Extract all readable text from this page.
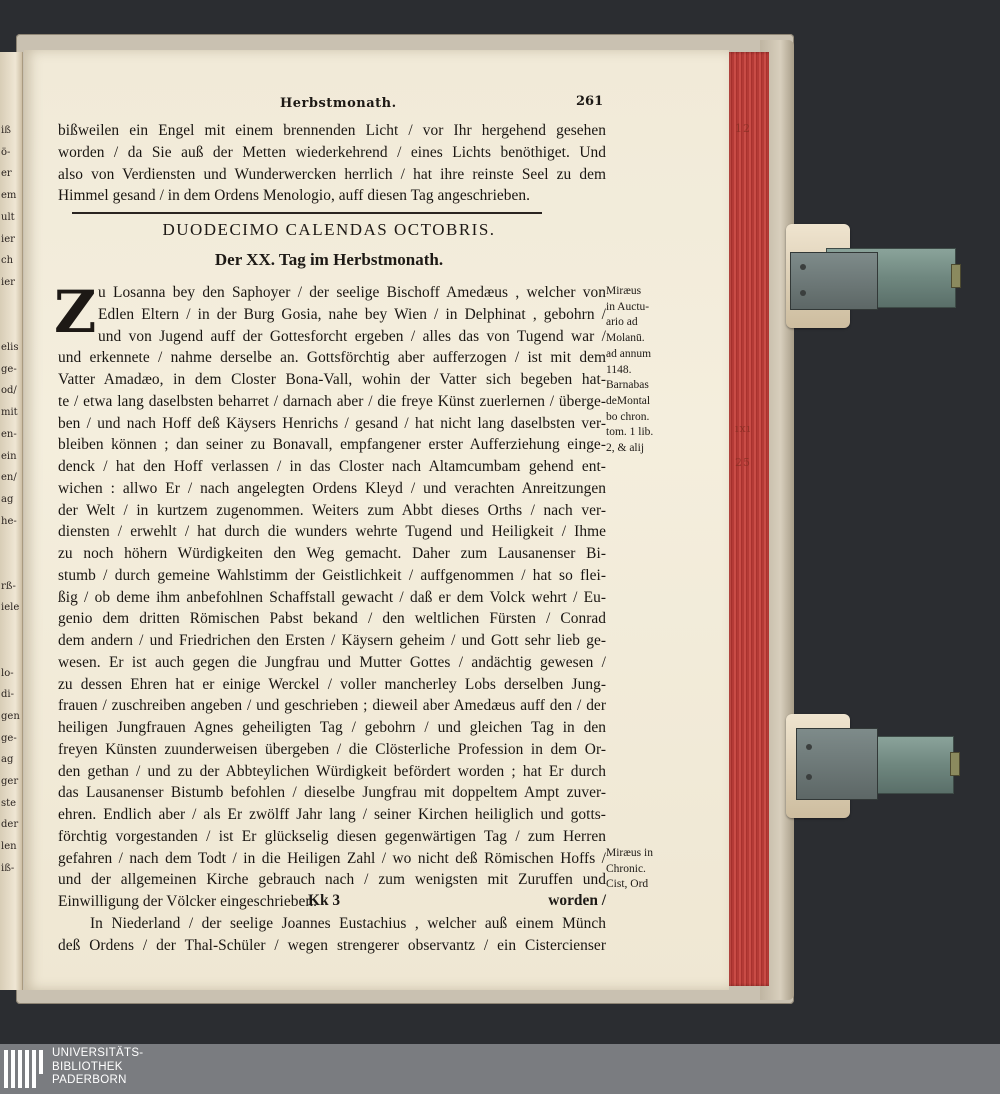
iß
ö-
er
em
ult
ier
ch
ier
elis
ge-
od/
mit
en-
ein
en/
ag
he-
rß-
iele
lo-
di-
gen
ge-
ag
ger
ste
der
len
iß-
12
ıxı
25
Herbstmonath.	261
bißweilen ein Engel mit einem brennenden Licht / vor Ihr hergehend gesehen
worden / da Sie auß der Metten wiederkehrend / eines Lichts benöthiget. Und
also von Verdiensten und Wunderwercken herrlich / hat ihre reinste Seel zu dem
Himmel gesand / in dem Ordens Menologio, auff diesen Tag angeschrieben.
DUODECIMO CALENDAS OCTOBRIS.
Der XX. Tag im Herbstmonath.
Z u Losanna bey den Saphoyer / der seelige Bischoff Amedæus , welcher von
Edlen Eltern / in der Burg Gosia, nahe bey Wien / in Delphinat , gebohrn /
und von Jugend auff der Gottesforcht ergeben / alles das von Tugend war /
und erkennete / nahme derselbe an. Gottsförchtig aber aufferzogen / ist mit dem
Vatter Amadæo, in dem Closter Bona-Vall, wohin der Vatter sich begeben hat-
te / etwa lang daselbsten beharret / darnach aber / die freye Künst zuerlernen / überge-
ben / und nach Hoff deß Käysers Henrichs / gesand / hat nicht lang daselbsten ver-
bleiben können ; dan seiner zu Bonavall, empfangener erster Aufferziehung einge-
denck / hat den Hoff verlassen / in das Closter nach Altamcumbam gehend ent-
wichen : allwo Er / nach angelegten Ordens Kleyd / und verachten Anreitzungen
der Welt / in kurtzem zugenommen. Weiters zum Abbt dieses Orths / nach ver-
diensten / erwehlt / hat durch die wunders wehrte Tugend und Heiligkeit / Ihme
zu noch höhern Würdigkeiten den Weg gemacht. Daher zum Lausanenser Bi-
stumb / durch gemeine Wahlstimm der Geistlichkeit / auffgenommen / hat so flei-
ßig / ob deme ihm anbefohlnen Schaffstall gewacht / daß er dem Volck wehrt / Eu-
genio dem dritten Römischen Pabst bekand / den weltlichen Fürsten / Conrad
dem andern / und Friedrichen den Ersten / Käysern geheim / und Gott sehr lieb ge-
wesen. Er ist auch gegen die Jungfrau und Mutter Gottes / andächtig gewesen /
zu dessen Ehren hat er einige Werckel / voller mancherley Lobs derselben Jung-
frauen / zuschreiben angeben / und geschrieben ; dieweil aber Amedæus auff den / der
heiligen Jungfrauen Agnes geheiligten Tag / gebohrn / und gleichen Tag in den
freyen Künsten zuunderweisen übergeben / die Clösterliche Profession in dem Or-
den gethan / und zu der Abbteylichen Würdigkeit befördert worden ; hat Er durch
das Lausanenser Bistumb befohlen / dieselbe Jungfrau mit doppeltem Ampt zuver-
ehren. Endlich aber / als Er zwölff Jahr lang / seiner Kirchen heiliglich und gotts-
förchtig vorgestanden / ist Er glückselig diesen gegenwärtigen Tag / zum Herren
gefahren / nach dem Todt / in die Heiligen Zahl / wo nicht deß Römischen Hoffs /
und der allgemeinen Kirche gebrauch nach / zum wenigsten mit Zuruffen und
Einwilligung der Völcker eingeschrieben.
In Niederland / der seelige Joannes Eustachius , welcher auß einem Münch
deß Ordens / der Thal-Schüler / wegen strengerer observantz / ein Cistercienser
Miræus
in Auctu-
ario ad
Molanū.
ad annum
1148.
Barnabas
deMontal
bo chron.
tom. 1 lib.
2, & alij
Miræus in
Chronic.
Cist, Ord
Kk 3	worden /
UNIVERSITÄTS-
BIBLIOTHEK
PADERBORN
